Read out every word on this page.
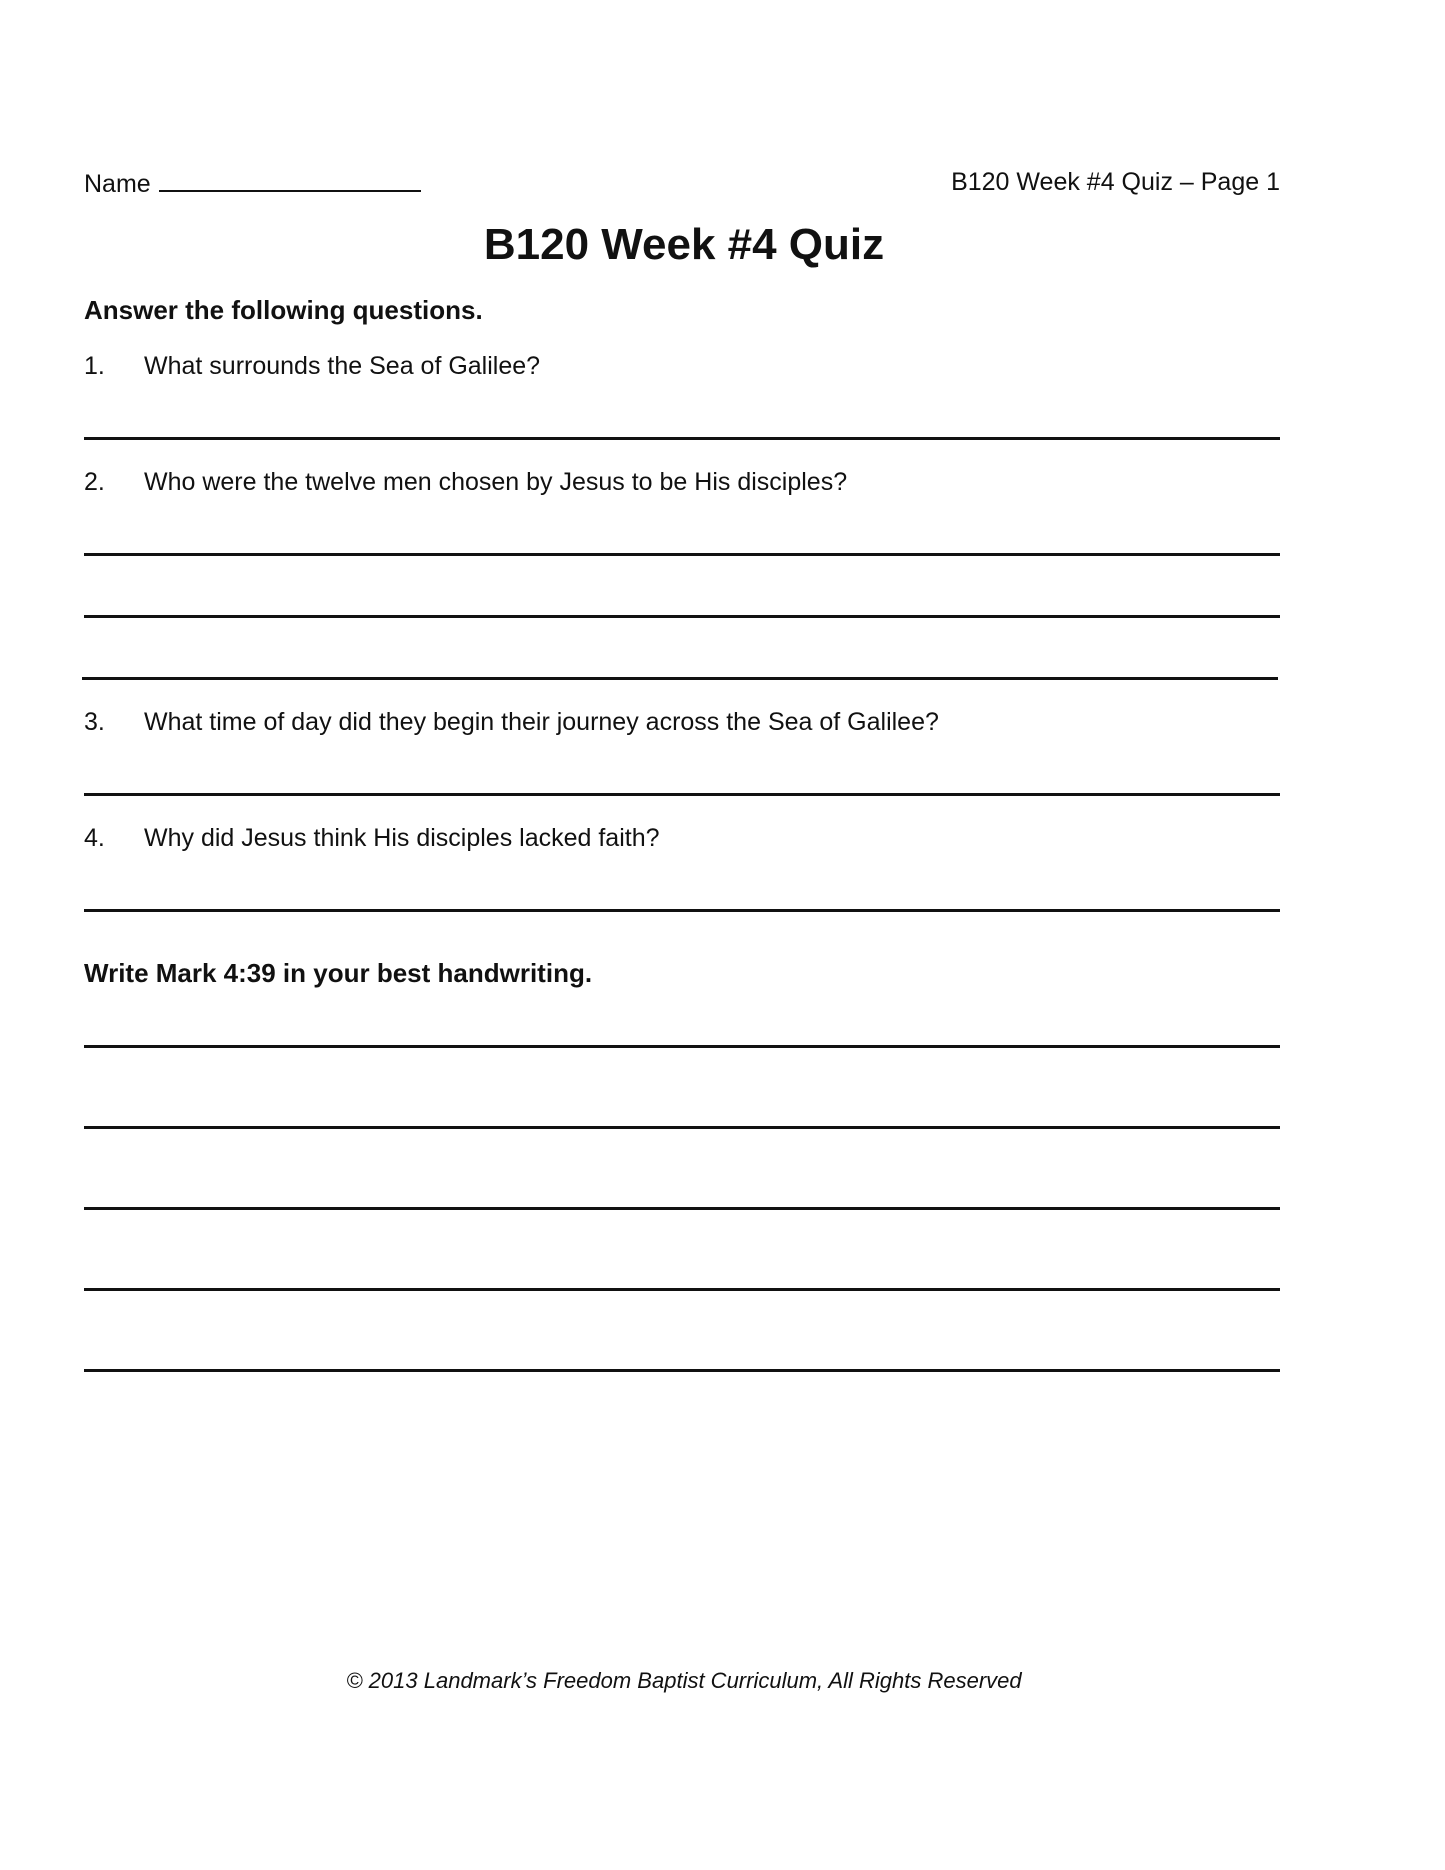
Name	B120 Week #4 Quiz – Page 1
B120 Week #4 Quiz
Answer the following questions.
1. What surrounds the Sea of Galilee?
2. Who were the twelve men chosen by Jesus to be His disciples?
3. What time of day did they begin their journey across the Sea of Galilee?
4. Why did Jesus think His disciples lacked faith?
Write Mark 4:39 in your best handwriting.
© 2013 Landmark’s Freedom Baptist Curriculum, All Rights Reserved
